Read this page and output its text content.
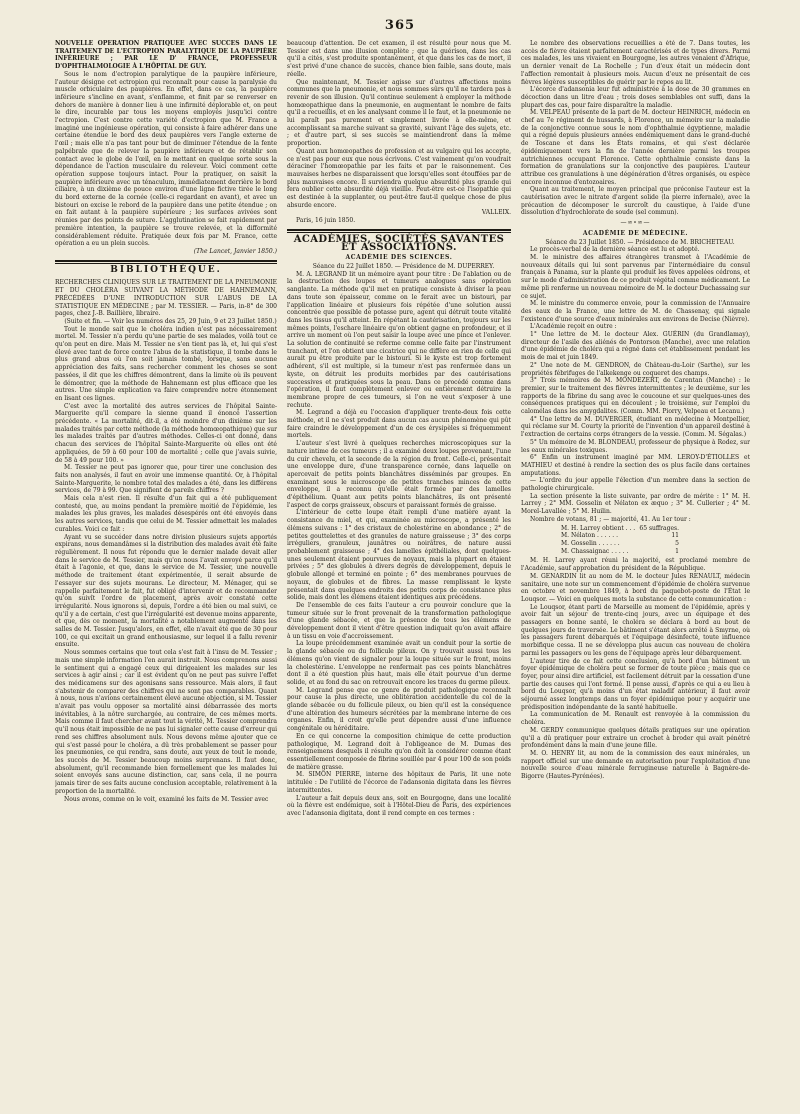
365

NOUVELLE OPÉRATION PRATIQUÉE AVEC SUCCÈS DANS LE TRAITEMENT DE L'ECTROPION PARALYTIQUE DE LA PAUPIÈRE INFÉRIEURE ; PAR LE D' FRANCE, PROFESSEUR D'OPHTHALMOLOGIE À L'HÔPITAL DE GUY.

Sous le nom d'ectropion paralytique de la paupière inférieure, l'auteur désigne cet ectropion qui reconnaît pour cause la paralysie du muscle orbiculaire des paupières. En effet, dans ce cas, la paupière inférieure s'incline en avant, s'enflamme, et finit par se renverser en dehors de manière à donner lieu à une infirmité déplorable et, on peut le dire, incurable par tous les moyens employés jusqu'ici contre l'ectropion. C'est contre cette variété d'ectropion que M. France a imaginé une ingénieuse opération, qui consiste à faire adhérer dans une certaine étendue le bord des deux paupières vers l'angle externe de l'œil ; mais elle n'a pas tant pour but de diminuer l'étendue de la fente palpébrale que de relever la paupière inférieure et de rétablir son contact avec le globe de l'œil, en le mettant en quelque sorte sous la dépendance de l'action musculaire du releveur. Voici comment cette opération suppose toujours intact. Pour la pratiquer, on saisit la paupière inférieure avec un ténaculum, immédiatement derrière le bord ciliaire, à un dixième de pouce environ d'une ligne fictive tirée le long du bord externe de la cornée (celle-ci regardant en avant), et avec un bistouri on excise le rebord de la paupière dans une petite étendue ; on en fait autant à la paupière supérieure ; les surfaces avivées sont réunies par des points de suture. L'agglutination se fait rapidement par première intention, la paupière se trouve relevée, et la difformité considérablement réduite. Pratiquée deux fois par M. France, cette opération a eu un plein succès.

(The Lancet, Janvier 1850.)

BIBLIOTHÈQUE.

RECHERCHES CLINIQUES SUR LE TRAITEMENT DE LA PNEUMONIE ET DU CHOLÉRA SUIVANT LA MÉTHODE DE HAHNEMANN, PRÉCÉDÉES D'UNE INTRODUCTION SUR L'ABUS DE LA STATISTIQUE EN MÉDECINE ; par M. TESSIER. — Paris, in-8° de 300 pages, chez J.-B. Baillière, libraire.

(Suite et fin. — Voir les numéros des 25, 29 Juin, 9 et 23 Juillet 1850.)

Tout le monde sait que le choléra indien n'est pas nécessairement mortel. M. Tessier n'a perdu qu'une partie de ses malades, voilà tout ce qu'on peut en dire. Mais M. Tessier ne s'en tient pas là, et, lui qui s'est élevé avec tant de force contre l'abus de la statistique, il tombe dans le plus grand abus où l'on soit jamais tombé, lorsque, sans aucune appréciation des faits, sans rechercher comment les choses se sont passées, il dit que les chiffres démontrent, dans la limite où ils peuvent le démontrer, que la méthode de Hahnemann est plus efficace que les autres. Une simple explication va faire comprendre notre étonnement en lisant ces lignes.

C'est avec la mortalité des autres services de l'hôpital Sainte-Marguerite qu'il compare la sienne quand il énoncé l'assertion précédente. « La mortalité, dit-il, a été moindre d'un dixième sur les malades traités par cette méthode (la méthode homœopathique) que sur les malades traités par d'autres méthodes. Celles-ci ont donné, dans chacun des services de l'hôpital Sainte-Marguerite où elles ont été appliquées, de 59 à 60 pour 100 de mortalité ; celle que j'avais suivie, de 58 à 49 pour 100. »

M. Tessier ne peut pas ignorer que, pour tirer une conclusion des faits non analysés, il faut en avoir une immense quantité. Or, à l'hôpital Sainte-Marguerite, le nombre total des malades a été, dans les différens services, de 79 à 99. Que signifient de pareils chiffres ?

Mais cela n'est rien. Il résulte d'un fait qui a été publiquement contesté, que, au moins pendant la première moitié de l'épidémie, les malades les plus graves, les malades désespérés ont été envoyés dans les autres services, tandis que celui de M. Tessier admettait les malades curables. Voici ce fait :

Ayant vu se succéder dans notre division plusieurs sujets apportés expirans, nous demandâmes si la distribution des malades avait été faite régulièrement. Il nous fut répondu que le dernier malade devait aller dans le service de M. Tessier, mais qu'on nous l'avait envoyé parce qu'il était à l'agonie, et que, dans le service de M. Tessier, une nouvelle méthode de traitement étant expérimentée, il serait absurde de l'essayer sur des sujets mourans. Le directeur, M. Ménager, qui se rappelle parfaitement le fait, fut obligé d'intervenir et de recommander qu'on suivît l'ordre de placement, après avoir constaté cette irrégularité. Nous ignorons si, depuis, l'ordre a été bien ou mal suivi, ce qu'il y a de certain, c'est que l'irrégularité est devenue moins apparente, et que, dès ce moment, la mortalité a notablement augmenté dans les salles de M. Tessier. Jusqu'alors, en effet, elle n'avait été que de 30 pour 100, ce qui excitait un grand enthousiasme, sur lequel il a fallu revenir ensuite.

Nous sommes certains que tout cela s'est fait à l'insu de M. Tessier ; mais une simple information l'en aurait instruit. Nous comprenons aussi le sentiment qui a engagé ceux qui dirigeaient les malades sur les services à agir ainsi ; car il est évident qu'on ne peut pas suivre l'effet des médicamens sur des agonisans sans ressource. Mais alors, il faut s'abstenir de comparer des chiffres qui ne sont pas comparables. Quant à nous, nous n'avions certainement élevé aucune objection, si M. Tessier n'avait pas voulu opposer sa mortalité ainsi débarrassée des morts inévitables, à la nôtre surchargée, au contraire, de ces mêmes morts. Mais comme il faut chercher avant tout la vérité, M. Tessier comprendra qu'il nous était impossible de ne pas lui signaler cette cause d'erreur qui rend ses chiffres absolument nuls. Nous devons même ajouter que ce qui s'est passé pour le choléra, a dû très probablement se passer pour les pneumonies, ce qui rendra, sans doute, aux yeux de tout le monde, les succès de M. Tessier beaucoup moins surprenans. Il faut donc, absolument, qu'il recommande bien formellement que les malades lui soient envoyés sans aucune distinction, car, sans cela, il ne pourra jamais tirer de ses faits aucune conclusion acceptable, relativement à la proportion de la mortalité.

Nous avons, comme on le voit, examiné les faits de M. Tessier avec

beaucoup d'attention. De cet examen, il est résulté pour nous que M. Tessier est dans une illusion complète ; que la guérison, dans les cas qu'il a cités, s'est produite spontanément, et que dans les cas de mort, il s'est privé d'une chance de succès, chance bien faible, sans doute, mais réelle.

Que maintenant, M. Tessier agisse sur d'autres affections moins communes que la pneumonie, et nous sommes sûrs qu'il ne tardera pas à revenir de son illusion. Qu'il continue seulement à employer la méthode homœopathique dans la pneumonie, en augmentant le nombre de faits qu'il a recueillis, et en les analysant comme il le faut, et la pneumonie ne lui paraît pas purement et simplement livrée à elle-même, et accomplissant sa marche suivant sa gravité, suivant l'âge des sujets, etc. ; et d'autre part, si ses succès se maintiendront dans la même proportion.

Quant aux homœopathes de profession et au vulgaire qui les accepte, ce n'est pas pour eux que nous écrivons. C'est vainement qu'on voudrait déraciner l'homœopathie par les faits et par le raisonnement. Ces mauvaises herbes ne disparaissent que lorsqu'elles sont étouffées par de plus mauvaises encore. Il surviendra quelque absurdité plus grande qui fera oublier cette absurdité déjà vieillie. Peut-être est-ce l'isopathie qui est destinée à la supplanter, ou peut-être faut-il quelque chose de plus absurde encore.

VALLEIX.

Paris, 16 juin 1850.

ACADÉMIES, SOCIÉTÉS SAVANTES ET ASSOCIATIONS.
ACADÉMIE DES SCIENCES.

Séance du 22 Juillet 1850. — Présidence de M. DUPERREY.

M. A. LEGRAND lit un mémoire ayant pour titre : De l'ablation ou de la destruction des loupes et tumeurs analogues sans opération sanglante. La méthode qu'il met en pratique consiste à diviser la peau dans toute son épaisseur, comme on le ferait avec un bistouri, par l'application linéaire et plusieurs fois répétée d'une solution aussi concentrée que possible de potasse pure, agent qui détruit toute vitalité dans les tissus qu'il atteint. En répétant la cautérisation, toujours sur les mêmes points, l'eschare linéaire qu'on obtient gagne en profondeur, et il arrive un moment où l'on peut saisir la loupe avec une pince et l'enlever. La solution de continuité se referme comme celle faite par l'instrument tranchant, et l'on obtient une cicatrice qui ne diffère en rien de celle qui aurait pu être produite par le bistouri. Si le kyste est trop fortement adhérent, s'il est multiple, si la tumeur n'est pas renfermée dans un kyste, on détruit les produits morbides par des cautérisations successives et pratiquées sous la peau. Dans ce procédé comme dans l'opération, il faut complètement enlever ou entièrement détruire la membrane propre de ces tumeurs, si l'on ne veut s'exposer à une rechute.

M. Legrand a déjà eu l'occasion d'appliquer trente-deux fois cette méthode, et il ne s'est produit dans aucun cas aucun phénomène qui pût faire craindre le développement d'un de ces érysipèles si fréquemment mortels.

L'auteur s'est livré à quelques recherches microscopiques sur la nature intime de ces tumeurs ; il a examiné deux loupes provenant, l'une du cuir chevelu, et la seconde de la région du front. Celle-ci, présentait une enveloppe dure, d'une transparence cornée, dans laquelle on apercevait de petits points blanchâtres disséminés par groupes. En examinant sous le microscope de petites tranches minces de cette enveloppe, il a reconnu qu'elle était formée par des lamelles d'épithélium. Quant aux petits points blanchâtres, ils ont présenté l'aspect de corps graisseux, obscurs et paraissant formés de graisse.

L'intérieur de cette loupe était rempli d'une matière ayant la consistance du miel, et qui, examinée au microscope, a présenté les élémens suivans : 1° des cristaux de cholestérine en abondance ; 2° de petites gouttelettes et des granules de nature graisseuse ; 3° des corps irréguliers, granuleux, jaunâtres ou noirâtres, de nature aussi probablement graisseuse ; 4° des lamelles épithéliales, dont quelques-unes seulement étaient pourvues de noyaux, mais la plupart en étaient privées ; 5° des globules à divers degrés de développement, depuis le globule allongé et terminé en pointe ; 6° des membranes pourvues de noyaux, de globules et de fibres. La masse remplissant le kyste présentait dans quelques endroits des petits corps de consistance plus solide, mais dont les élémens étaient identiques aux précédens.

De l'ensemble de ces faits l'auteur a cru pouvoir conclure que la tumeur située sur le front provenait de la transformation pathologique d'une glande sébacée, et que la présence de tous les élémens de développement dont il vient d'être question indiquait qu'on avait affaire à un tissu en voie d'accroissement.

La loupe précédemment examinée avait un conduit pour la sortie de la glande sébacée ou du follicule pileux. On y trouvait aussi tous les élémens qu'on vient de signaler pour la loupe située sur le front, moins la cholestérine. L'enveloppe ne renfermait pas ces points blanchâtres dont il a été question plus haut, mais elle était pourvue d'un derme solide, et au fond du sac on retrouvait encore les traces du germe pileux.

M. Legrand pense que ce genre de produit pathologique reconnaît pour cause la plus directe, une oblitération accidentelle du col de la glande sébacée ou du follicule pileux, ou bien qu'il est la conséquence d'une altération des humeurs sécrétées par la membrane interne de ces organes. Enfin, il croit qu'elle peut dépendre aussi d'une influence congénitale ou héréditaire.

En ce qui concerne la composition chimique de cette production pathologique, M. Legrand doit à l'obligeance de M. Dumas des renseignemens desquels il résulte qu'on doit la considérer comme étant essentiellement composée de fibrine souillée par 4 pour 100 de son poids de matière grasse.

M. SIMON PIERRE, interne des hôpitaux de Paris, lit une note intitulée : De l'utilité de l'écorce de l'adansonia digitata dans les fièvres intermittentes.

L'auteur a fait depuis deux ans, soit en Bourgogne, dans une localité où la fièvre est endémique, soit à l'Hôtel-Dieu de Paris, des expériences avec l'adansonia digitata, dont il rend compte en ces termes :

Le nombre des observations recueillies a été de 7. Dans toutes, les accès de fièvre étaient parfaitement caractérisés et de types divers. Parmi ces malades, les uns vivaient en Bourgogne, les autres venaient d'Afrique, un dernier venait de La Rochelle ; l'un d'eux était un médecin dont l'affection remontait à plusieurs mois. Aucun d'eux ne présentait de ces fièvres légères susceptibles de guérir par le repos au lit.

L'écorce d'adansonia leur fut administrée à la dose de 30 grammes en décoction dans un litre d'eau ; trois doses semblables ont suffi, dans la plupart des cas, pour faire disparaître la maladie.

M. VELPEAU présente de la part de M. docteur HEINRICH, médecin en chef au 7e régiment de hussards, à Florence, un mémoire sur la maladie de la conjonctive connue sous le nom d'ophthalmie égyptienne, maladie qui a régné depuis plusieurs années endémiquement dans le grand-duché de Toscane et dans les États romains, et qui s'est déclarée épidémiquement vers la fin de l'année dernière parmi les troupes autrichiennes occupant Florence. Cette ophthalmie consiste dans la formation de granulations sur la conjonctive des paupières. L'auteur attribue ces granulations à une dégénération d'êtres organisés, ou espèce encore inconnue d'entozoaires.

Quant au traitement, le moyen principal que préconise l'auteur est la cautérisation avec le nitrate d'argent solide (la pierre infernale), avec la précaution de décomposer le surcroît du caustique, à l'aide d'une dissolution d'hydrochlorate de soude (sel commun).

—∞∘∞—
ACADÉMIE DE MÉDECINE.

Séance du 23 Juillet 1850. — Présidence de M. BRICHETEAU.

Le procès-verbal de la dernière séance est lu et adopté.

M. le ministre des affaires étrangères transmet à l'Académie de nouveaux détails qui lui sont parvenus par l'intermédiaire du consul français à Panama, sur la plante qui produit les fèves appelées cédrons, et sur le mode d'administration de ce produit végétal comme médicament. Le même pli renferme un nouveau mémoire de M. le docteur Duchassaing sur ce sujet.

M. le ministre du commerce envoie, pour la commission de l'Annuaire des eaux de la France, une lettre de M. de Chassenay, qui signale l'existence d'une source d'eaux minérales aux environs de Decise (Nièvre).

L'Académie reçoit en outre :

1° Une lettre de M. le docteur Alex. GUÉRIN (du Grandlamay), directeur de l'asile des aliénés de Pontorson (Manche), avec une relation d'une épidémie de choléra qui a régné dans cet établissement pendant les mois de mai et juin 1849.

2° Une note de M. GENDRON, de Château-du-Loir (Sarthe), sur les propriétés fébrifuges de l'alkekenge ou coqueret des champs.

3° Trois mémoires de M. MONDEZERT, de Carentan (Manche) : le premier, sur le traitement des fièvres intermittentes ; le deuxième, sur les rapports de la fibrine du sang avec le coucoune et sur quelques-unes des conséquences pratiques qui en découlent ; le troisième, sur l'emploi du calomélas dans les amygdalites. (Comm. MM. Piorry, Velpeau et Lecanu.)

4° Une lettre de M. DUVERGER, étudiant en médecine à Montpellier, qui réclame sur M. Courty la priorité de l'invention d'un appareil destiné à l'extraction de certains corps étrangers de la vessie. (Comm. M. Ségalas.)

5° Un mémoire de M. BLONDEAU, professeur de physique à Rodez, sur les eaux minérales toxiques.

6° Enfin un instrument imaginé par MM. LEROY-D'ÉTIOLLES et MATHIEU et destiné à rendre la section des os plus facile dans certaines amputations.

— L'ordre du jour appelle l'élection d'un membre dans la section de pathologie chirurgicale.

La section présente la liste suivante, par ordre de mérite : 1° M. H. Larrey ; 2° MM. Gosselin et Nélaton ex æquo ; 3° M. Cullerier ; 4° M. Morel-Lavallée ; 5° M. Huilin.

Nombre de votans, 81 ; — majorité, 41. Au 1er tour :

M. H. Larrey obtient . . . 65 suffrages.
M. Nélaton . . . . . .	11
M. Gosselin . . . . . .	5
M. Chassaignac . . . . .	1

M. H. Larrey ayant réuni la majorité, est proclamé membre de l'Académie, sauf approbation du président de la République.

M. GENARDIN lit au nom de M. le docteur Jules RENAULT, médecin sanitaire, une note sur un commencement d'épidémie de choléra survenue en octobre et novembre 1849, à bord du paquebot-poste de l'État le Louqsor. — Voici en quelques mots la substance de cette communication :

Le Louqsor, étant parti de Marseille au moment de l'épidémie, après y avoir fait un séjour de trente-cinq jours, avec un équipage et des passagers en bonne santé, le choléra se déclara à bord au bout de quelques jours de traversée. Le bâtiment s'étant alors arrêté à Smyrne, où les passagers furent débarqués et l'équipage désinfecté, toute influence morbifique cessa. Il ne se développa plus aucun cas nouveau de choléra parmi les passagers ou les gens de l'équipage après leur débarquement.

L'auteur tire de ce fait cette conclusion, qu'à bord d'un bâtiment un foyer épidémique de choléra peut se former de toute pièce ; mais que ce foyer, pour ainsi dire artificiel, est facilement détruit par la cessation d'une partie des causes qui l'ont formé. Il pense aussi, d'après ce qui a eu lieu à bord du Louqsor, qu'à moins d'un état maladif antérieur, il faut avoir séjourné assez longtemps dans un foyer épidémique pour y acquérir une prédisposition indépendante de la santé habituelle.

La communication de M. Renault est renvoyée à la commission du choléra.

M. GERDY communique quelques détails pratiques sur une opération qu'il a dû pratiquer pour extraire un crochet à broder qui avait pénétré profondément dans la main d'une jeune fille.

M. O. HENRY lit, au nom de la commission des eaux minérales, un rapport officiel sur une demande en autorisation pour l'exploitation d'une nouvelle source d'eau minérale ferrugineuse naturelle à Bagnère-de-Bigorre (Hautes-Pyrénées).
